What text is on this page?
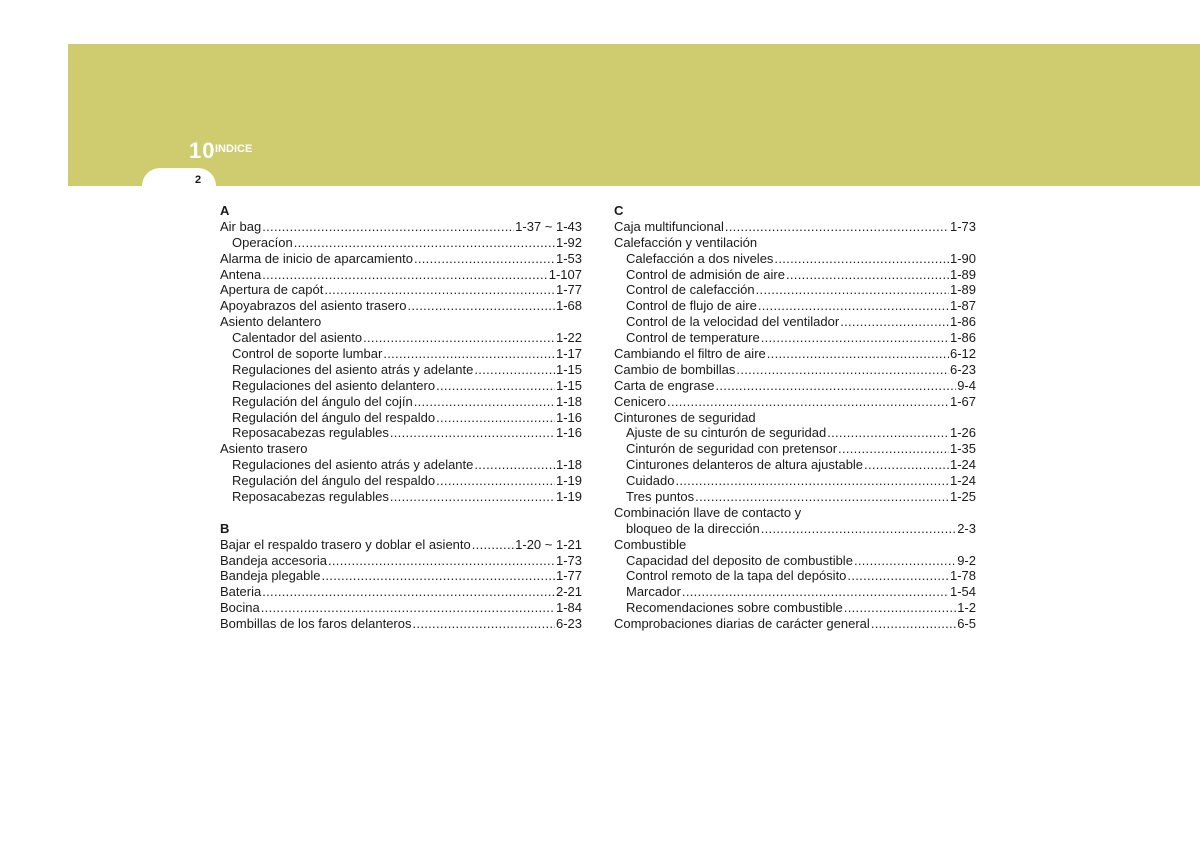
10 INDICE
2
A
Air bag .....	1-37 ~ 1-43
Operacíon .....	1-92
Alarma de inicio de aparcamiento .....	1-53
Antena .....	1-107
Apertura de capót .....	1-77
Apoyabrazos del asiento trasero .....	1-68
Asiento delantero
Calentador del asiento .....	1-22
Control de soporte lumbar .....	1-17
Regulaciones del asiento atrás y adelante .....	1-15
Regulaciones del asiento delantero .....	1-15
Regulación del ángulo del cojín .....	1-18
Regulación del ángulo del respaldo .....	1-16
Reposacabezas regulables .....	1-16
Asiento trasero
Regulaciones del asiento atrás y adelante .....	1-18
Regulación del ángulo del respaldo .....	1-19
Reposacabezas regulables .....	1-19
B
Bajar el respaldo trasero y doblar el asiento .....	1-20 ~ 1-21
Bandeja accesoria .....	1-73
Bandeja plegable .....	1-77
Bateria .....	2-21
Bocina .....	1-84
Bombillas de los faros delanteros .....	6-23
C
Caja multifuncional .....	1-73
Calefacción y ventilación
Calefacción a dos niveles .....	1-90
Control de admisión de aire .....	1-89
Control de calefacción .....	1-89
Control de flujo de aire .....	1-87
Control de la velocidad del ventilador .....	1-86
Control de temperature .....	1-86
Cambiando el filtro de aire .....	6-12
Cambio de bombillas .....	6-23
Carta de engrase .....	9-4
Cenicero .....	1-67
Cinturones de seguridad
Ajuste de su cinturón de seguridad .....	1-26
Cinturón de seguridad con pretensor .....	1-35
Cinturones delanteros de altura ajustable .....	1-24
Cuidado .....	1-24
Tres puntos .....	1-25
Combinación llave de contacto y
bloqueo de la dirección .....	2-3
Combustible
Capacidad del deposito de combustible .....	9-2
Control remoto de la tapa del depósito .....	1-78
Marcador .....	1-54
Recomendaciones sobre combustible .....	1-2
Comprobaciones diarias de carácter general .....	6-5
